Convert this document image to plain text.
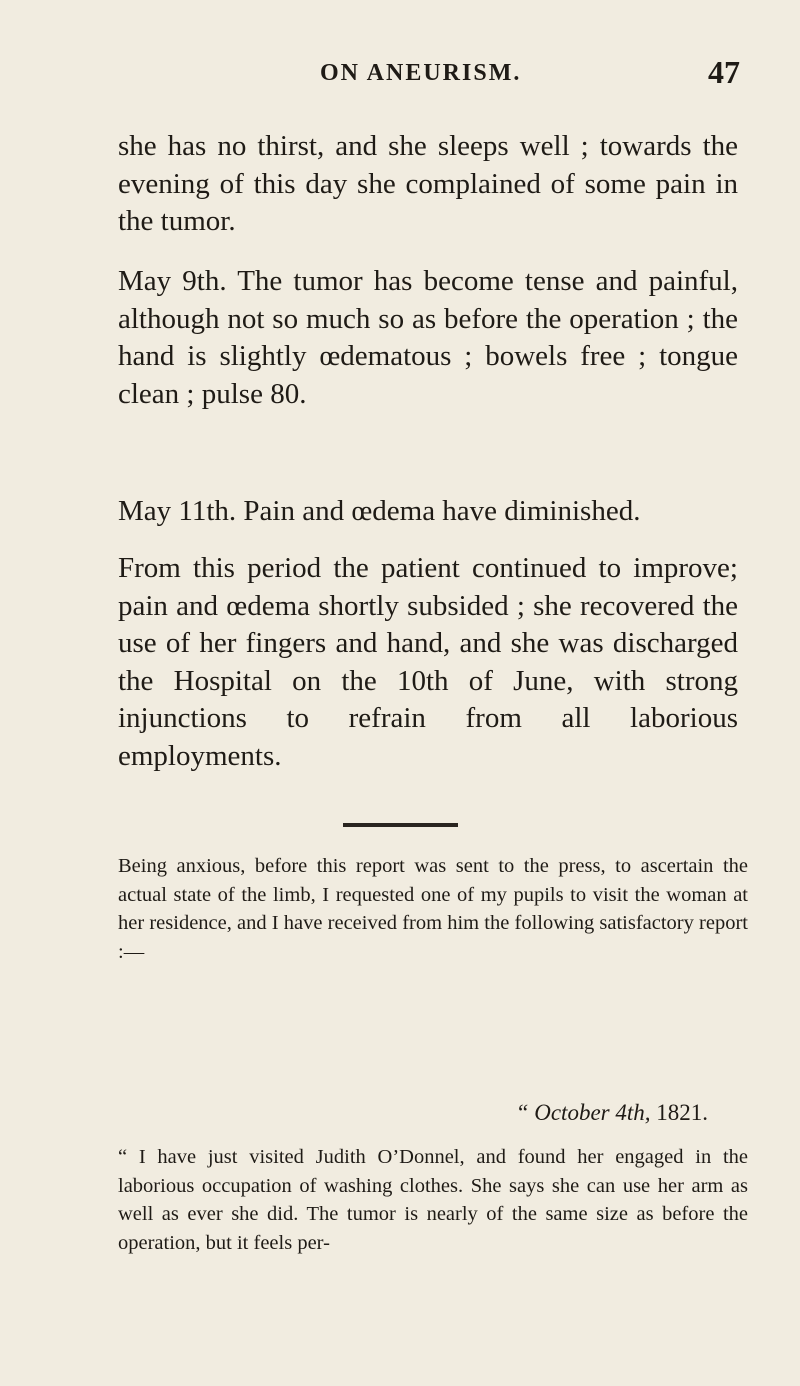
ON ANEURISM.	47
she has no thirst, and she sleeps well ; towards the evening of this day she complained of some pain in the tumor.
May 9th. The tumor has become tense and painful, although not so much so as before the operation ; the hand is slightly œdematous ; bowels free ; tongue clean ; pulse 80.
May 11th. Pain and œdema have diminished.
From this period the patient continued to improve; pain and œdema shortly subsided ; she recovered the use of her fingers and hand, and she was discharged the Hospital on the 10th of June, with strong injunctions to refrain from all laborious employments.
Being anxious, before this report was sent to the press, to ascertain the actual state of the limb, I requested one of my pupils to visit the woman at her residence, and I have received from him the following satisfactory report :—
“ October 4th, 1821.
“ I have just visited Judith O’Donnel, and found her engaged in the laborious occupation of washing clothes. She says she can use her arm as well as ever she did. The tumor is nearly of the same size as before the operation, but it feels per-
